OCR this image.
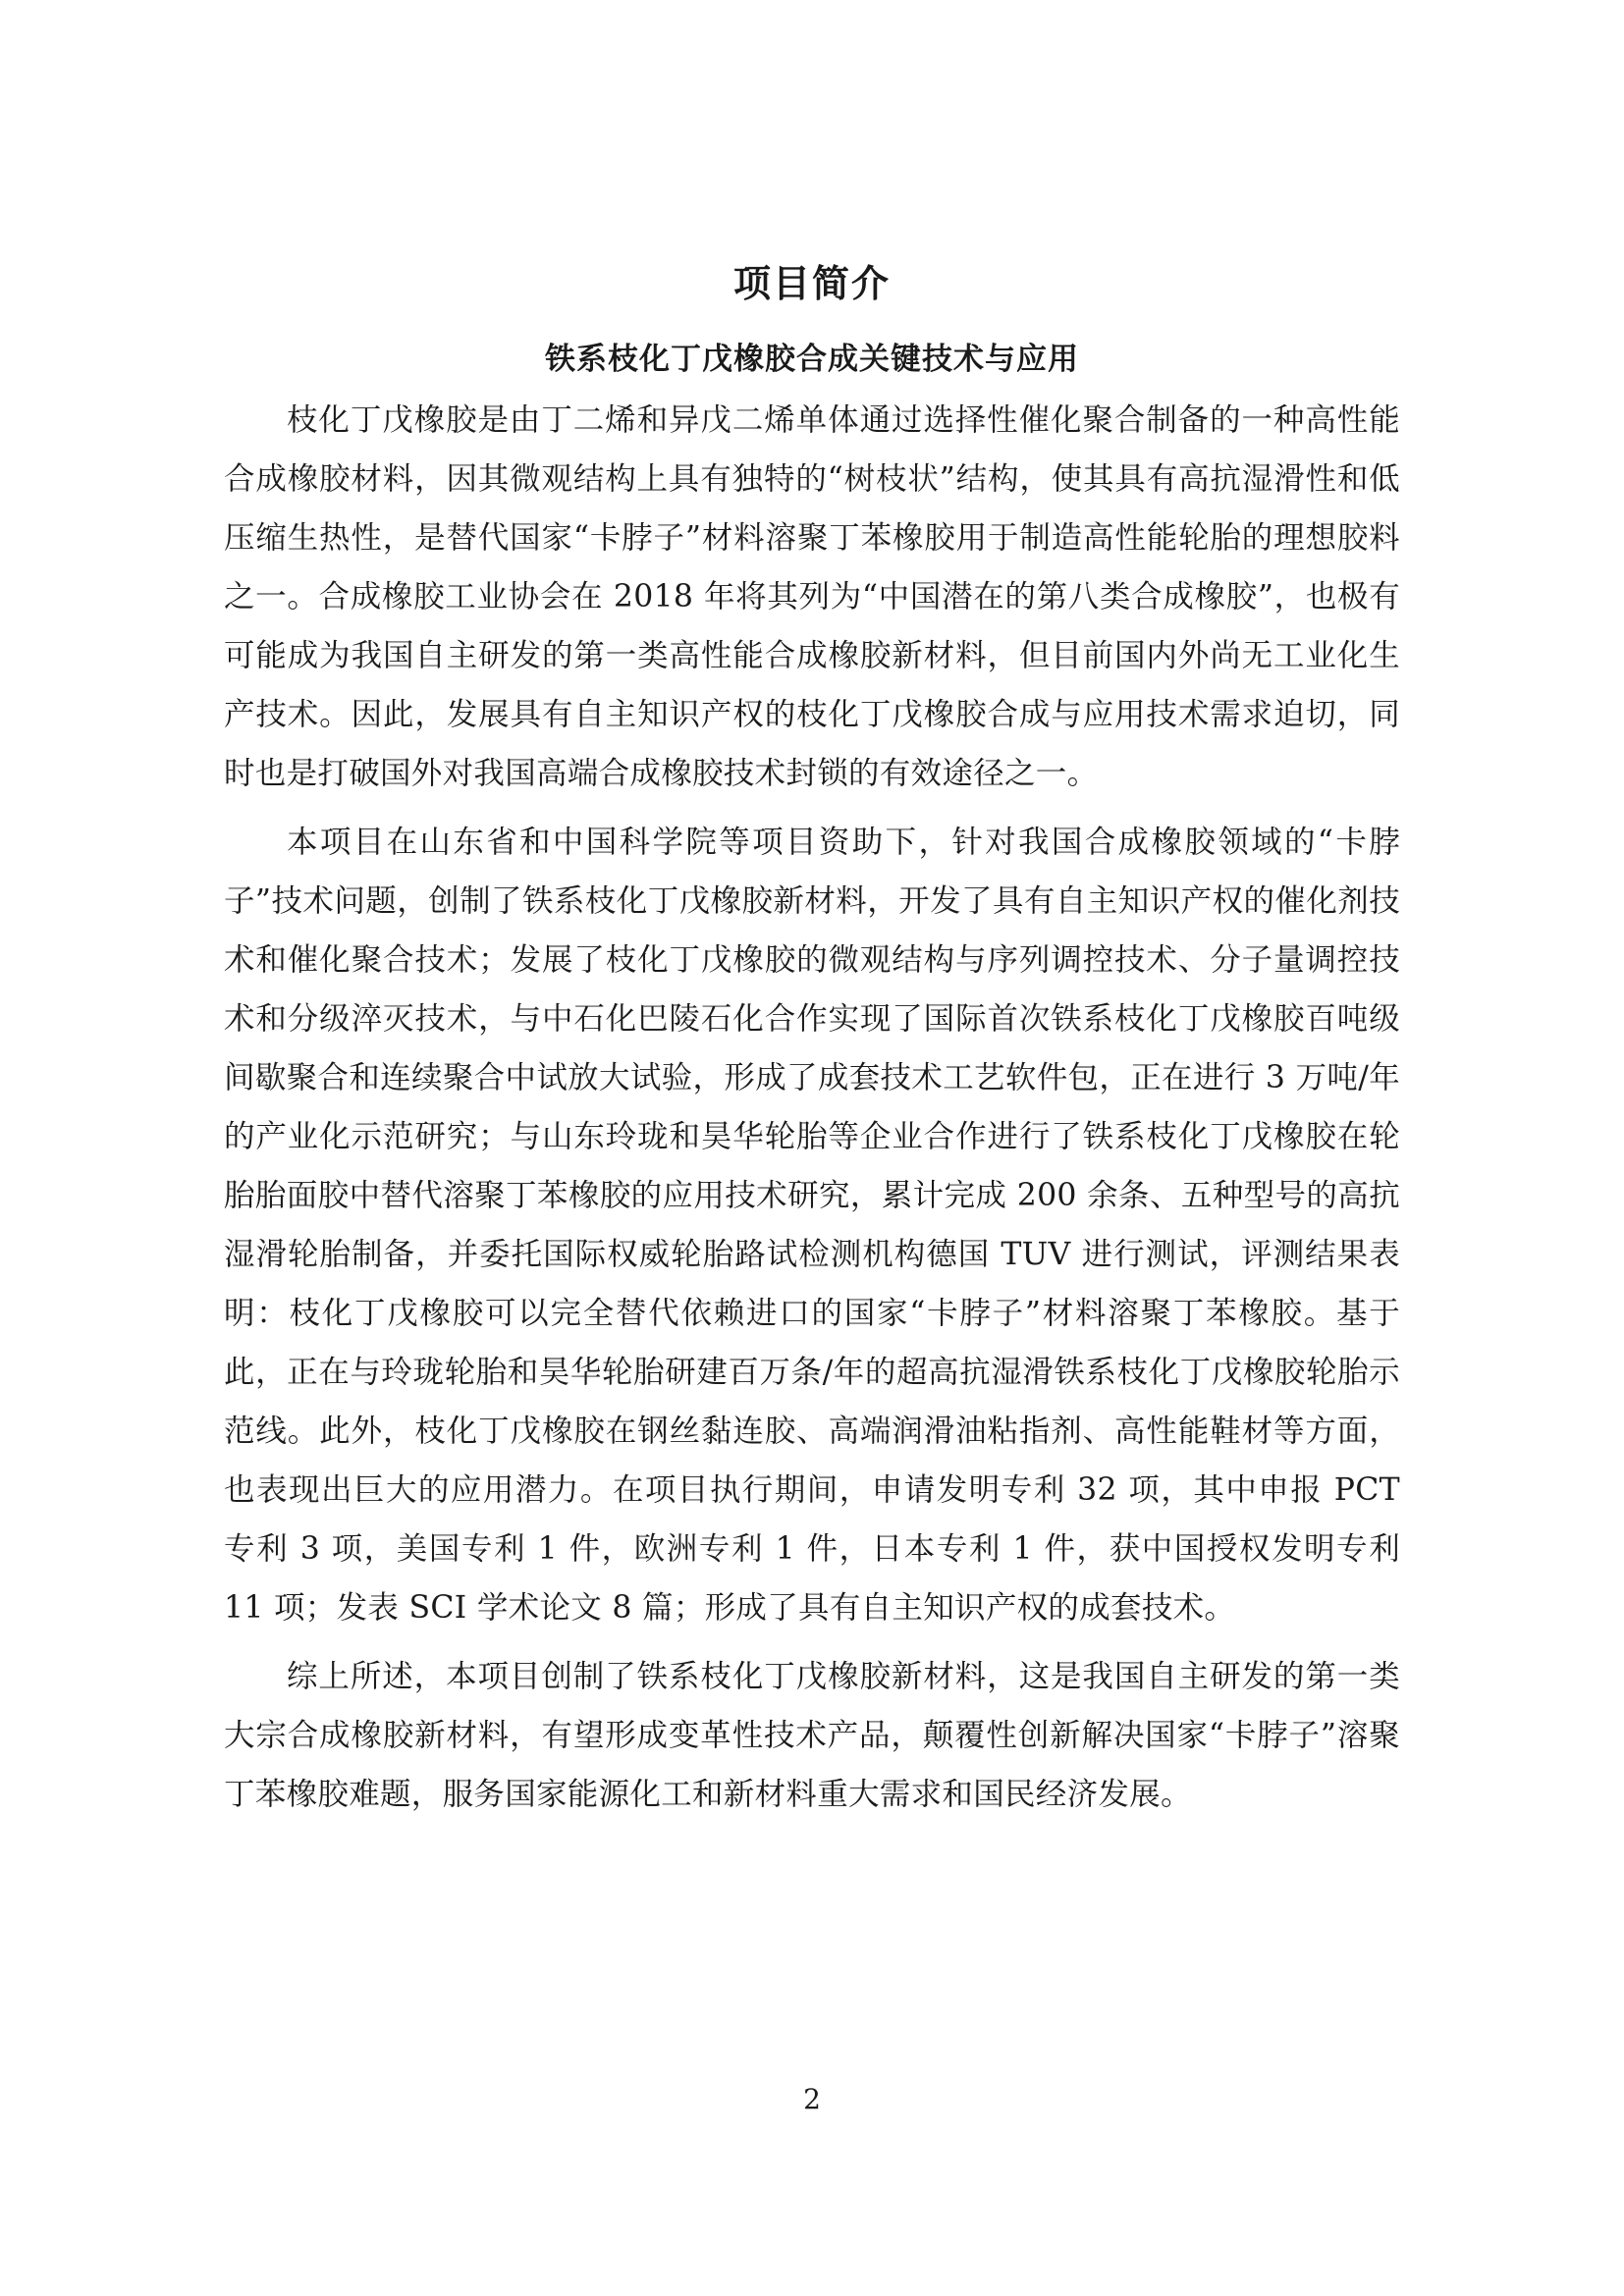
项目简介
铁系枝化丁戊橡胶合成关键技术与应用

枝化丁戊橡胶是由丁二烯和异戊二烯单体通过选择性催化聚合制备的一种高性能合成橡胶材料，因其微观结构上具有独特的“树枝状”结构，使其具有高抗湿滑性和低压缩生热性，是替代国家“卡脖子”材料溶聚丁苯橡胶用于制造高性能轮胎的理想胶料之一。合成橡胶工业协会在 2018 年将其列为“中国潜在的第八类合成橡胶”，也极有可能成为我国自主研发的第一类高性能合成橡胶新材料，但目前国内外尚无工业化生产技术。因此，发展具有自主知识产权的枝化丁戊橡胶合成与应用技术需求迫切，同时也是打破国外对我国高端合成橡胶技术封锁的有效途径之一。

本项目在山东省和中国科学院等项目资助下，针对我国合成橡胶领域的“卡脖子”技术问题，创制了铁系枝化丁戊橡胶新材料，开发了具有自主知识产权的催化剂技术和催化聚合技术；发展了枝化丁戊橡胶的微观结构与序列调控技术、分子量调控技术和分级淬灭技术，与中石化巴陵石化合作实现了国际首次铁系枝化丁戊橡胶百吨级间歇聚合和连续聚合中试放大试验，形成了成套技术工艺软件包，正在进行 3 万吨/年的产业化示范研究；与山东玲珑和昊华轮胎等企业合作进行了铁系枝化丁戊橡胶在轮胎胎面胶中替代溶聚丁苯橡胶的应用技术研究，累计完成 200 余条、五种型号的高抗湿滑轮胎制备，并委托国际权威轮胎路试检测机构德国 TUV 进行测试，评测结果表明：枝化丁戊橡胶可以完全替代依赖进口的国家“卡脖子”材料溶聚丁苯橡胶。基于此，正在与玲珑轮胎和昊华轮胎研建百万条/年的超高抗湿滑铁系枝化丁戊橡胶轮胎示范线。此外，枝化丁戊橡胶在钢丝黏连胶、高端润滑油粘指剂、高性能鞋材等方面，也表现出巨大的应用潜力。在项目执行期间，申请发明专利 32 项，其中申报 PCT 专利 3 项，美国专利 1 件，欧洲专利 1 件，日本专利 1 件，获中国授权发明专利 11 项；发表 SCI 学术论文 8 篇；形成了具有自主知识产权的成套技术。

综上所述，本项目创制了铁系枝化丁戊橡胶新材料，这是我国自主研发的第一类大宗合成橡胶新材料，有望形成变革性技术产品，颠覆性创新解决国家“卡脖子”溶聚丁苯橡胶难题，服务国家能源化工和新材料重大需求和国民经济发展。

2
